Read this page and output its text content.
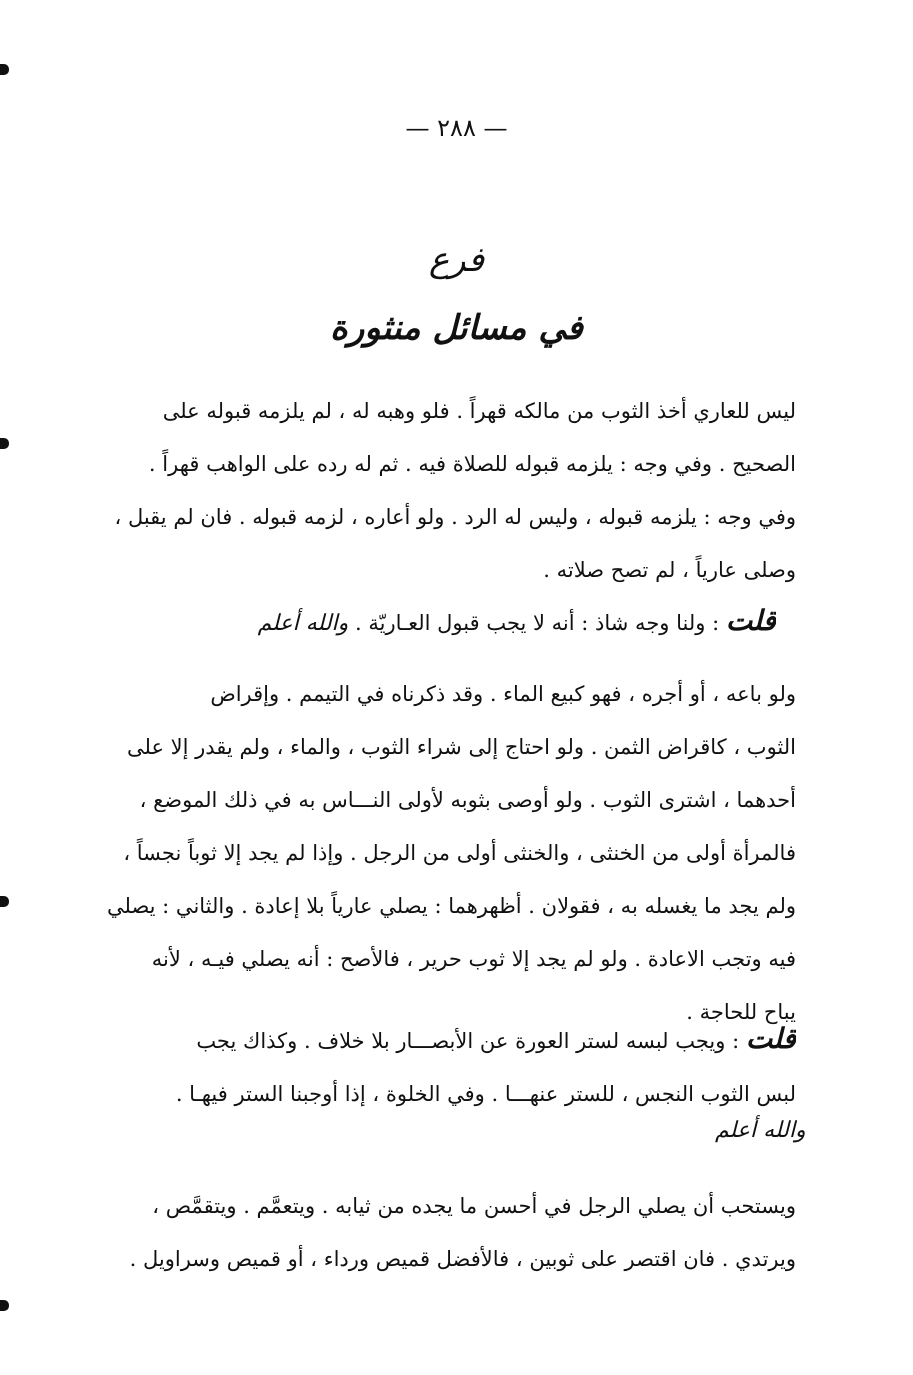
— ٢٨٨ —
فرع
في مسائل منثورة
ليس للعاري أخذ الثوب من مالكه قهراً . فلو وهبه له ، لم يلزمه قبوله على
الصحيح . وفي وجه : يلزمه قبوله للصلاة فيه . ثم له رده على الواهب قهراً .
وفي وجه : يلزمه قبوله ، وليس له الرد . ولو أعاره ، لزمه قبوله . فان لم يقبل ،
وصلى عارياً ، لم تصح صلاته .
قلت : ولنا وجه شاذ : أنه لا يجب قبول العـاريّة . والله أعلم
ولو باعه ، أو أجره ، فهو كبيع الماء . وقد ذكرناه في التيمم . وإقراض
الثوب ، كاقراض الثمن . ولو احتاج إلى شراء الثوب ، والماء ، ولم يقدر إلا على
أحدهما ، اشترى الثوب . ولو أوصى بثوبه لأولى النـــاس به في ذلك الموضع ،
فالمرأة أولى من الخنثى ، والخنثى أولى من الرجل . وإذا لم يجد إلا ثوباً نجساً ،
ولم يجد ما يغسله به ، فقولان . أظهرهما : يصلي عارياً بلا إعادة . والثاني : يصلي
فيه وتجب الاعادة . ولو لم يجد إلا ثوب حرير ، فالأصح : أنه يصلي فيـه ، لأنه
يباح للحاجة .
قلت : ويجب لبسه لستر العورة عن الأبصـــار بلا خلاف . وكذاك يجب
لبس الثوب النجس ، للستر عنهـــا . وفي الخلوة ، إذا أوجبنا الستر فيهـا .
والله أعلم
ويستحب أن يصلي الرجل في أحسن ما يجده من ثيابه . ويتعمَّم . ويتقمَّص ،
ويرتدي . فان اقتصر على ثوبين ، فالأفضل قميص ورداء ، أو قميص وسراويل .
